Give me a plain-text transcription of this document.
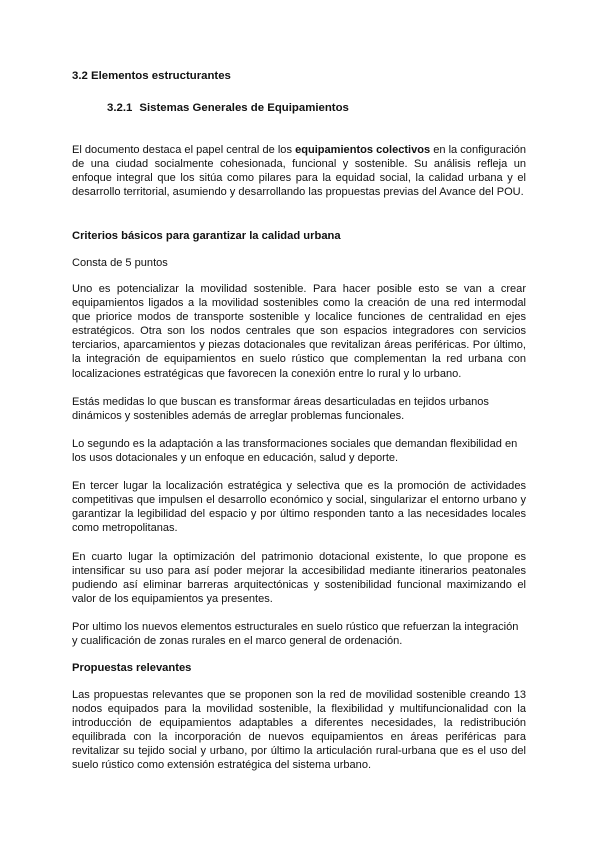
3.2 Elementos estructurantes
3.2.1 Sistemas Generales de Equipamientos

El documento destaca el papel central de los equipamientos colectivos en la configuración de una ciudad socialmente cohesionada, funcional y sostenible. Su análisis refleja un enfoque integral que los sitúa como pilares para la equidad social, la calidad urbana y el desarrollo territorial, asumiendo y desarrollando las propuestas previas del Avance del POU.

Criterios básicos para garantizar la calidad urbana
Consta de 5 puntos

Uno es potencializar la movilidad sostenible. Para hacer posible esto se van a crear equipamientos ligados a la movilidad sostenibles como la creación de una red intermodal que priorice modos de transporte sostenible y localice funciones de centralidad en ejes estratégicos. Otra son los nodos centrales que son espacios integradores con servicios terciarios, aparcamientos y piezas dotacionales que revitalizan áreas periféricas. Por último, la integración de equipamientos en suelo rústico que complementan la red urbana con localizaciones estratégicas que favorecen la conexión entre lo rural y lo urbano.

Estás medidas lo que buscan es transformar áreas desarticuladas en tejidos urbanos dinámicos y sostenibles además de arreglar problemas funcionales.

Lo segundo es la adaptación a las transformaciones sociales que demandan flexibilidad en los usos dotacionales y un enfoque en educación, salud y deporte.

En tercer lugar la localización estratégica y selectiva que es la promoción de actividades competitivas que impulsen el desarrollo económico y social, singularizar el entorno urbano y garantizar la legibilidad del espacio y por último responden tanto a las necesidades locales como metropolitanas.

En cuarto lugar la optimización del patrimonio dotacional existente, lo que propone es intensificar su uso para así poder mejorar la accesibilidad mediante itinerarios peatonales pudiendo así eliminar barreras arquitectónicas y sostenibilidad funcional maximizando el valor de los equipamientos ya presentes.

Por ultimo los nuevos elementos estructurales en suelo rústico que refuerzan la integración y cualificación de zonas rurales en el marco general de ordenación.

Propuestas relevantes

Las propuestas relevantes que se proponen son la red de movilidad sostenible creando 13 nodos equipados para la movilidad sostenible, la flexibilidad y multifuncionalidad con la introducción de equipamientos adaptables a diferentes necesidades, la redistribución equilibrada con la incorporación de nuevos equipamientos en áreas periféricas para revitalizar su tejido social y urbano, por último la articulación rural-urbana que es el uso del suelo rústico como extensión estratégica del sistema urbano.
